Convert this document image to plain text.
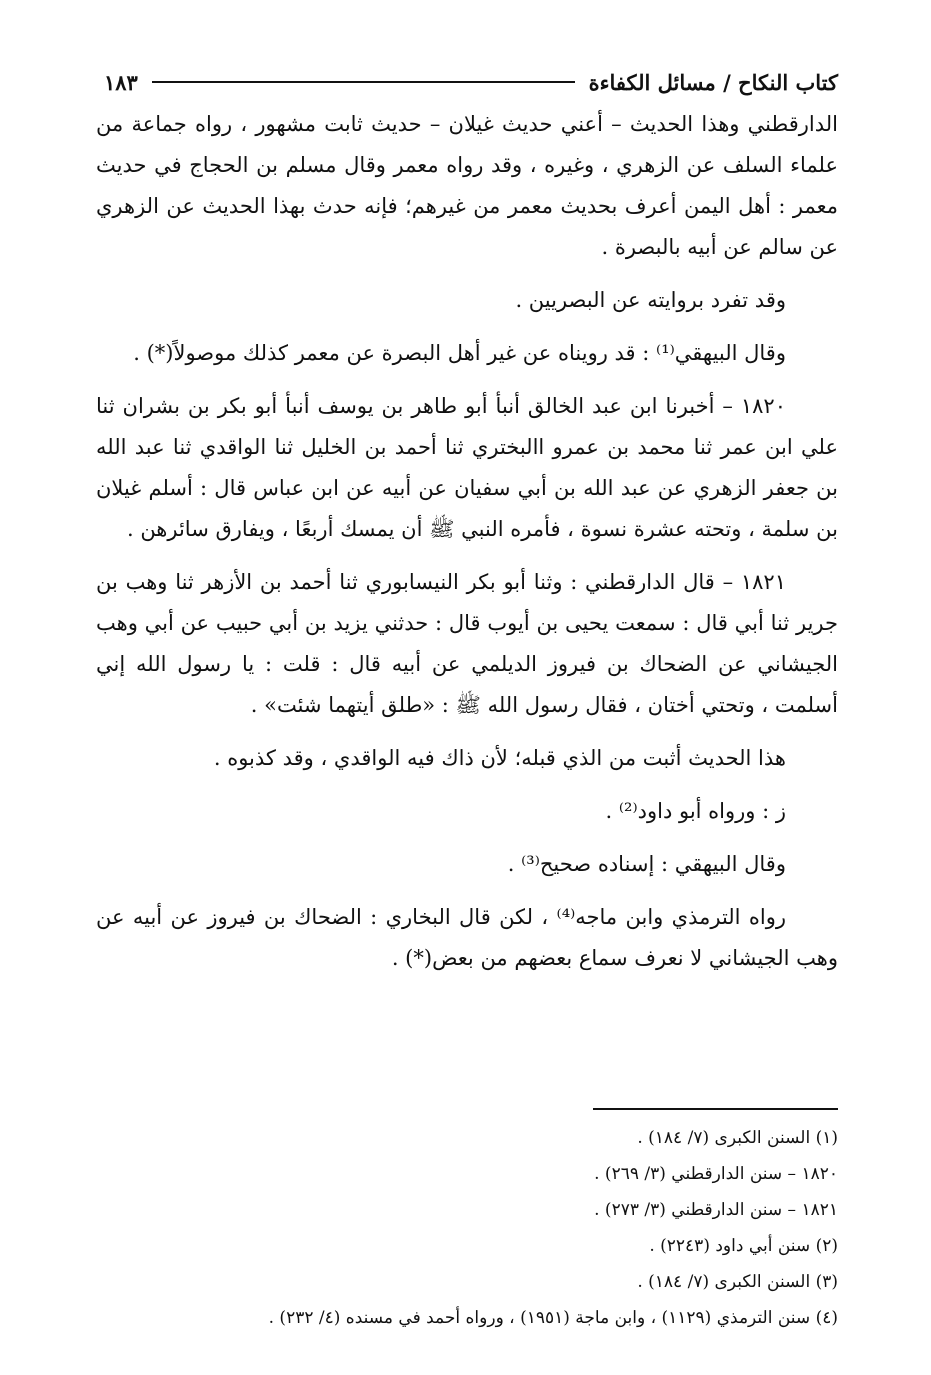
كتاب النكاح / مسائل الكفاءة
١٨٣

الدارقطني وهذا الحديث – أعني حديث غيلان – حديث ثابت مشهور ، رواه جماعة من علماء السلف عن الزهري ، وغيره ، وقد رواه معمر وقال مسلم بن الحجاج في حديث معمر : أهل اليمن أعرف بحديث معمر من غيرهم؛ فإنه حدث بهذا الحديث عن الزهري عن سالم عن أبيه بالبصرة .

وقد تفرد بروايته عن البصريين .

وقال البيهقي⁽¹⁾ : قد رويناه عن غير أهل البصرة عن معمر كذلك موصولاً(*) .

١٨٢٠ – أخبرنا ابن عبد الخالق أنبأ أبو طاهر بن يوسف أنبأ أبو بكر بن بشران ثنا علي ابن عمر ثنا محمد بن عمرو االبختري ثنا أحمد بن الخليل ثنا الواقدي ثنا عبد الله بن جعفر الزهري عن عبد الله بن أبي سفيان عن أبيه عن ابن عباس قال : أسلم غيلان بن سلمة ، وتحته عشرة نسوة ، فأمره النبي ﷺ أن يمسك أربعًا ، ويفارق سائرهن .

١٨٢١ – قال الدارقطني : وثنا أبو بكر النيسابوري ثنا أحمد بن الأزهر ثنا وهب بن جرير ثنا أبي قال : سمعت يحيى بن أيوب قال : حدثني يزيد بن أبي حبيب عن أبي وهب الجيشاني عن الضحاك بن فيروز الديلمي عن أبيه قال : قلت : يا رسول الله إني أسلمت ، وتحتي أختان ، فقال رسول الله ﷺ : «طلق أيتهما شئت» .

هذا الحديث أثبت من الذي قبله؛ لأن ذاك فيه الواقدي ، وقد كذبوه .

ز : ورواه أبو داود⁽²⁾ .

وقال البيهقي : إسناده صحيح⁽³⁾ .

رواه الترمذي وابن ماجه⁽⁴⁾ ، لكن قال البخاري : الضحاك بن فيروز عن أبيه عن وهب الجيشاني لا نعرف سماع بعضهم من بعض(*) .

(١) السنن الكبرى (٧/ ١٨٤) .

١٨٢٠ – سنن الدارقطني (٣/ ٢٦٩) .

١٨٢١ – سنن الدارقطني (٣/ ٢٧٣) .

(٢) سنن أبي داود (٢٢٤٣) .

(٣) السنن الكبرى (٧/ ١٨٤) .

(٤) سنن الترمذي (١١٢٩) ، وابن ماجة (١٩٥١) ، ورواه أحمد في مسنده (٤/ ٢٣٢) .
